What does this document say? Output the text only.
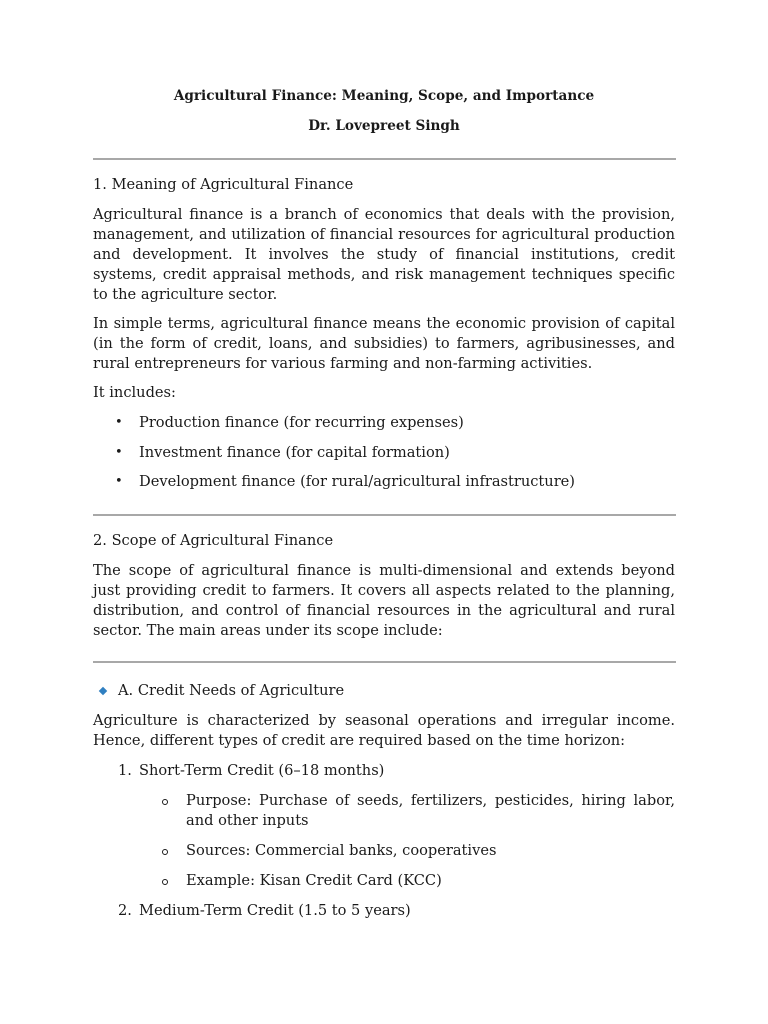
Agricultural Finance: Meaning, Scope, and Importance
Dr. Lovepreet Singh
1. Meaning of Agricultural Finance
Agricultural finance is a branch of economics that deals with the provision, management, and utilization of financial resources for agricultural production and development. It involves the study of financial institutions, credit systems, credit appraisal methods, and risk management techniques specific to the agriculture sector.
In simple terms, agricultural finance means the economic provision of capital (in the form of credit, loans, and subsidies) to farmers, agribusinesses, and rural entrepreneurs for various farming and non-farming activities.
It includes:
• Production finance (for recurring expenses)
• Investment finance (for capital formation)
• Development finance (for rural/agricultural infrastructure)
2. Scope of Agricultural Finance
The scope of agricultural finance is multi-dimensional and extends beyond just providing credit to farmers. It covers all aspects related to the planning, distribution, and control of financial resources in the agricultural and rural sector. The main areas under its scope include:
A. Credit Needs of Agriculture
Agriculture is characterized by seasonal operations and irregular income. Hence, different types of credit are required based on the time horizon:
1. Short-Term Credit (6–18 months)
Purpose: Purchase of seeds, fertilizers, pesticides, hiring labor, and other inputs
Sources: Commercial banks, cooperatives
Example: Kisan Credit Card (KCC)
2. Medium-Term Credit (1.5 to 5 years)
